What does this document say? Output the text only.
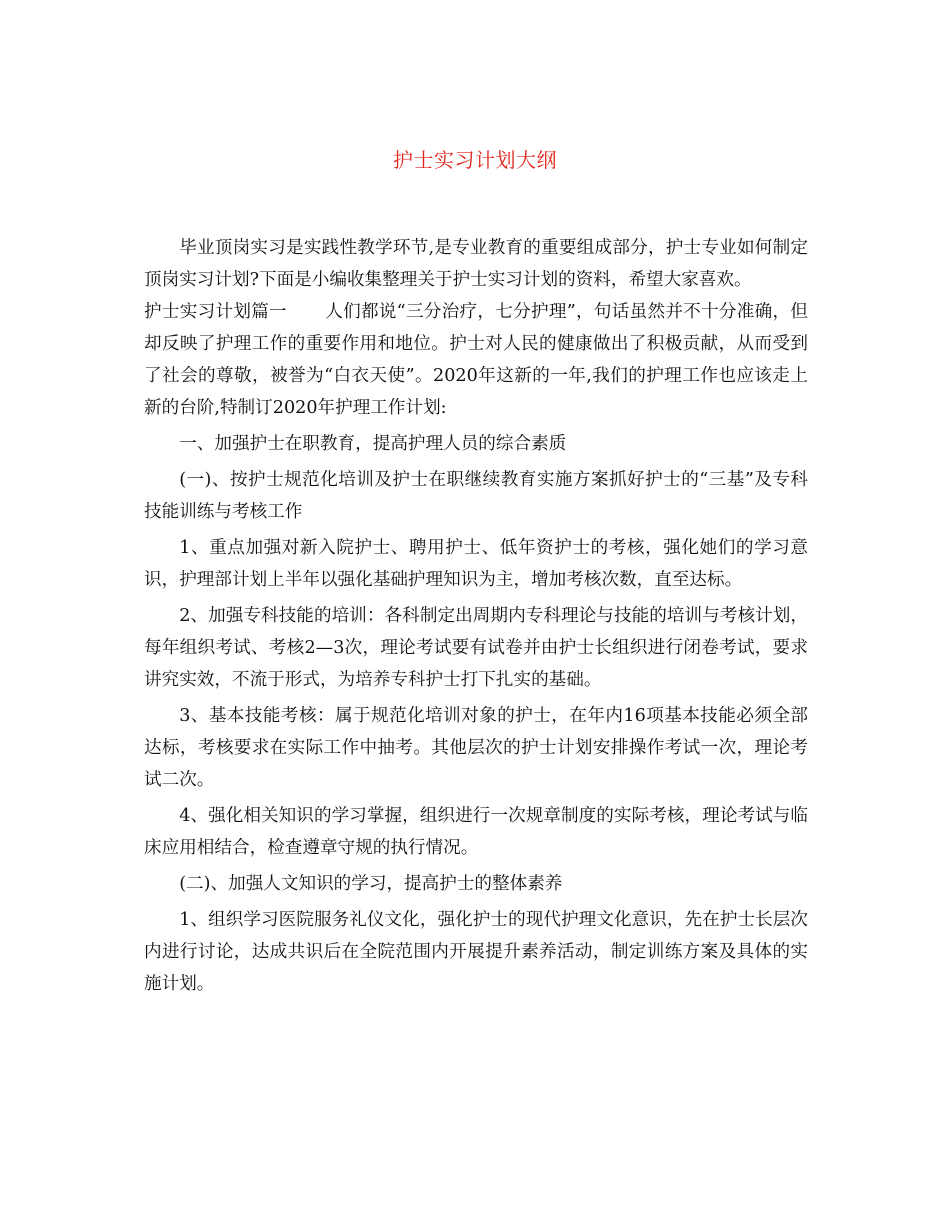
护士实习计划大纲

毕业顶岗实习是实践性教学环节,是专业教育的重要组成部分，护士专业如何制定顶岗实习计划?下面是小编收集整理关于护士实习计划的资料，希望大家喜欢。

护士实习计划篇一 人们都说“三分治疗，七分护理”，句话虽然并不十分准确，但却反映了护理工作的重要作用和地位。护士对人民的健康做出了积极贡献，从而受到了社会的尊敬，被誉为“白衣天使”。2020年这新的一年,我们的护理工作也应该走上新的台阶,特制订2020年护理工作计划:

一、加强护士在职教育，提高护理人员的综合素质

(一)、按护士规范化培训及护士在职继续教育实施方案抓好护士的“三基”及专科技能训练与考核工作

1、重点加强对新入院护士、聘用护士、低年资护士的考核，强化她们的学习意识，护理部计划上半年以强化基础护理知识为主，增加考核次数，直至达标。

2、加强专科技能的培训：各科制定出周期内专科理论与技能的培训与考核计划，每年组织考试、考核2—3次，理论考试要有试卷并由护士长组织进行闭卷考试，要求讲究实效，不流于形式，为培养专科护士打下扎实的基础。

3、基本技能考核：属于规范化培训对象的护士，在年内16项基本技能必须全部达标，考核要求在实际工作中抽考。其他层次的护士计划安排操作考试一次，理论考试二次。

4、强化相关知识的学习掌握，组织进行一次规章制度的实际考核，理论考试与临床应用相结合，检查遵章守规的执行情况。

(二)、加强人文知识的学习，提高护士的整体素养

1、组织学习医院服务礼仪文化，强化护士的现代护理文化意识，先在护士长层次内进行讨论，达成共识后在全院范围内开展提升素养活动，制定训练方案及具体的实施计划。
